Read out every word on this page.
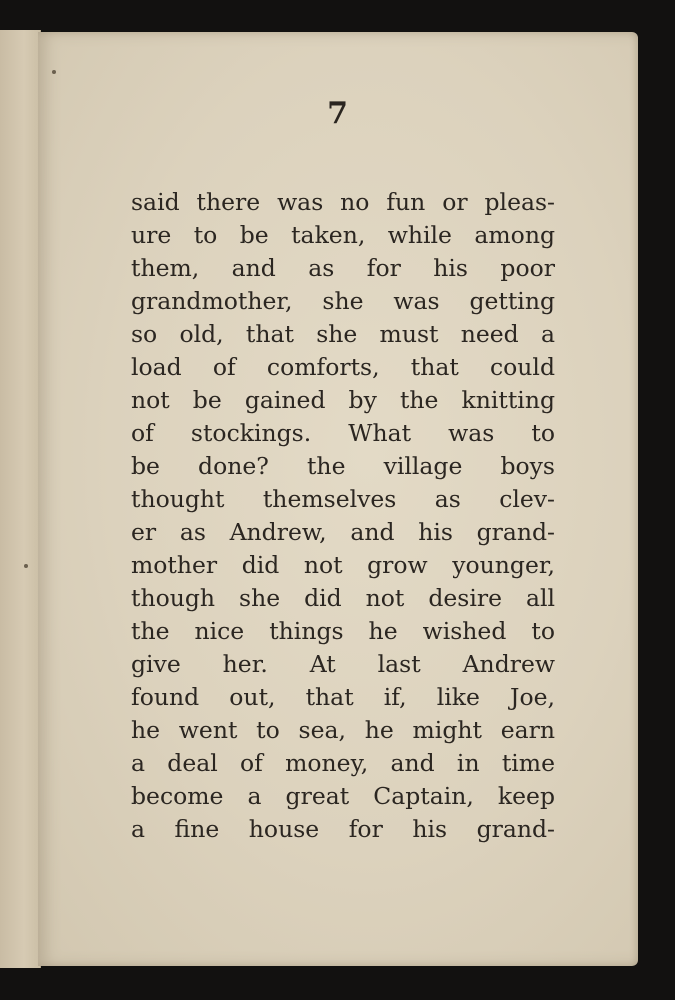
7
said there was no fun or pleas-
ure to be taken, while among
them, and as for his poor
grandmother, she was getting
so old, that she must need a
load of comforts, that could
not be gained by the knitting
of stockings. What was to
be done? the village boys
thought themselves as clev-
er as Andrew, and his grand-
mother did not grow younger,
though she did not desire all
the nice things he wished to
give her. At last Andrew
found out, that if, like Joe,
he went to sea, he might earn
a deal of money, and in time
become a great Captain, keep
a fine house for his grand-
